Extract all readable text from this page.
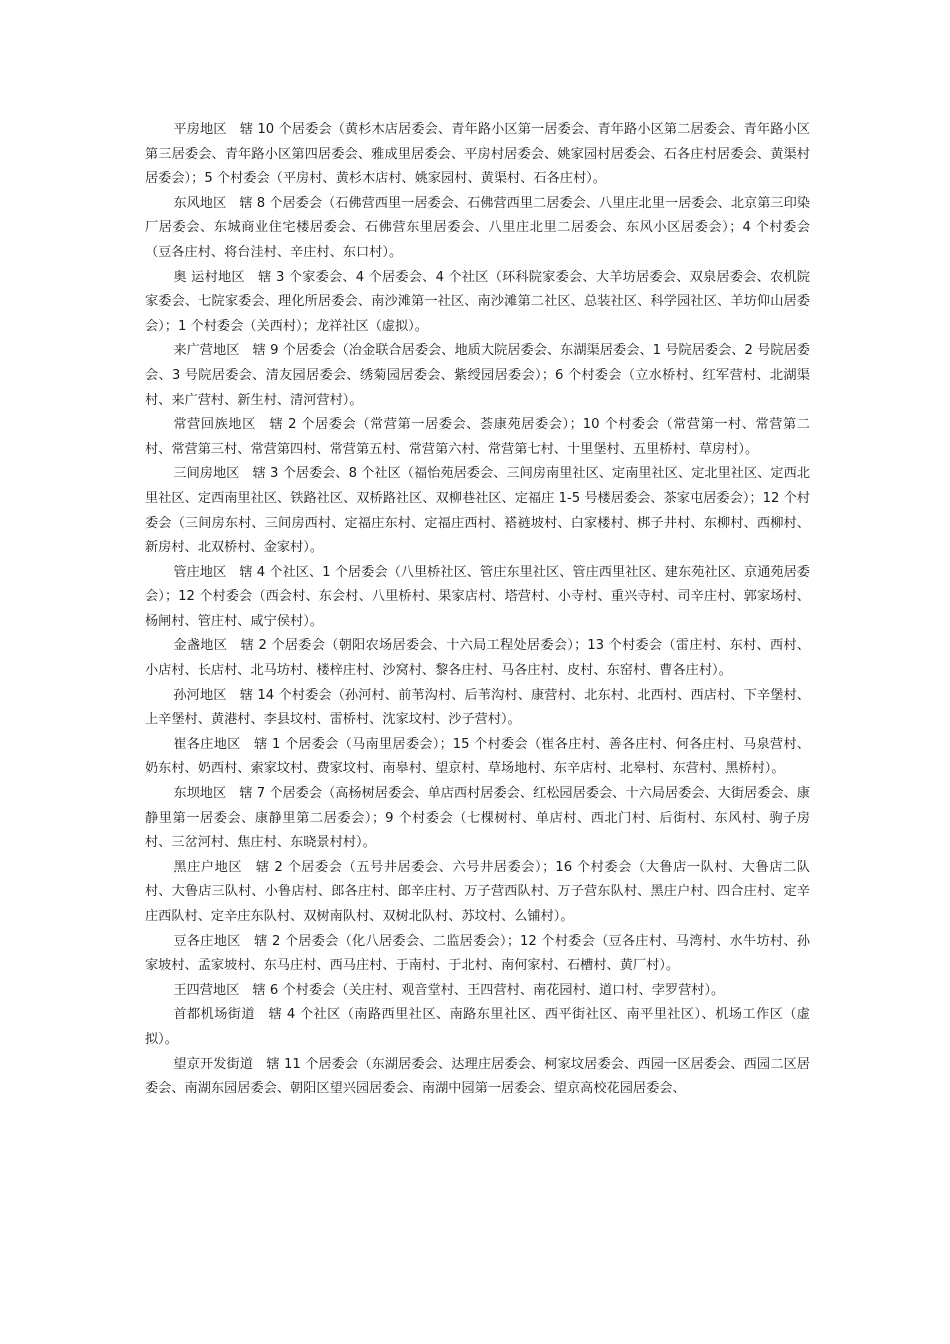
平房地区　辖 10 个居委会（黄杉木店居委会、青年路小区第一居委会、青年路小区第二居委会、青年路小区第三居委会、青年路小区第四居委会、雅成里居委会、平房村居委会、姚家园村居委会、石各庄村居委会、黄渠村居委会）；5 个村委会（平房村、黄杉木店村、姚家园村、黄渠村、石各庄村）。

东风地区　辖 8 个居委会（石佛营西里一居委会、石佛营西里二居委会、八里庄北里一居委会、北京第三印染厂居委会、东城商业住宅楼居委会、石佛营东里居委会、八里庄北里二居委会、东风小区居委会）；4 个村委会（豆各庄村、将台洼村、辛庄村、东口村）。

奥 运村地区　辖 3 个家委会、4 个居委会、4 个社区（环科院家委会、大羊坊居委会、双泉居委会、农机院家委会、七院家委会、理化所居委会、南沙滩第一社区、南沙滩第二社区、总装社区、科学园社区、羊坊仰山居委会）；1 个村委会（关西村）；龙祥社区（虚拟）。

来广营地区　辖 9 个居委会（冶金联合居委会、地质大院居委会、东湖渠居委会、1 号院居委会、2 号院居委会、3 号院居委会、清友园居委会、绣菊园居委会、紫绶园居委会）；6 个村委会（立水桥村、红军营村、北湖渠村、来广营村、新生村、清河营村）。

常营回族地区　辖 2 个居委会（常营第一居委会、荟康苑居委会）；10 个村委会（常营第一村、常营第二村、常营第三村、常营第四村、常营第五村、常营第六村、常营第七村、十里堡村、五里桥村、草房村）。

三间房地区　辖 3 个居委会、8 个社区（福怡苑居委会、三间房南里社区、定南里社区、定北里社区、定西北里社区、定西南里社区、铁路社区、双桥路社区、双柳巷社区、定福庄 1-5 号楼居委会、茶家屯居委会）；12 个村委会（三间房东村、三间房西村、定福庄东村、定福庄西村、褡裢坡村、白家楼村、梆子井村、东柳村、西柳村、新房村、北双桥村、金家村）。

管庄地区　辖 4 个社区、1 个居委会（八里桥社区、管庄东里社区、管庄西里社区、建东苑社区、京通苑居委会）；12 个村委会（西会村、东会村、八里桥村、果家店村、塔营村、小寺村、重兴寺村、司辛庄村、郭家场村、杨闸村、管庄村、咸宁侯村）。

金盏地区　辖 2 个居委会（朝阳农场居委会、十六局工程处居委会）；13 个村委会（雷庄村、东村、西村、小店村、长店村、北马坊村、楼梓庄村、沙窝村、黎各庄村、马各庄村、皮村、东窑村、曹各庄村）。

孙河地区　辖 14 个村委会（孙河村、前苇沟村、后苇沟村、康营村、北东村、北西村、西店村、下辛堡村、上辛堡村、黄港村、李县坟村、雷桥村、沈家坟村、沙子营村）。

崔各庄地区　辖 1 个居委会（马南里居委会）；15 个村委会（崔各庄村、善各庄村、何各庄村、马泉营村、奶东村、奶西村、索家坟村、费家坟村、南皋村、望京村、草场地村、东辛店村、北皋村、东营村、黑桥村）。

东坝地区　辖 7 个居委会（高杨树居委会、单店西村居委会、红松园居委会、十六局居委会、大街居委会、康静里第一居委会、康静里第二居委会）；9 个村委会（七棵树村、单店村、西北门村、后街村、东风村、驹子房村、三岔河村、焦庄村、东晓景村村）。

黑庄户地区　辖 2 个居委会（五号井居委会、六号井居委会）；16 个村委会（大鲁店一队村、大鲁店二队村、大鲁店三队村、小鲁店村、郎各庄村、郎辛庄村、万子营西队村、万子营东队村、黑庄户村、四合庄村、定辛庄西队村、定辛庄东队村、双树南队村、双树北队村、苏坟村、么铺村）。

豆各庄地区　辖 2 个居委会（化八居委会、二监居委会）；12 个村委会（豆各庄村、马湾村、水牛坊村、孙家坡村、孟家坡村、东马庄村、西马庄村、于南村、于北村、南何家村、石槽村、黄厂村）。

王四营地区　辖 6 个村委会（关庄村、观音堂村、王四营村、南花园村、道口村、孛罗营村）。

首都机场街道　辖 4 个社区（南路西里社区、南路东里社区、西平街社区、南平里社区）、机场工作区（虚拟）。

望京开发街道　辖 11 个居委会（东湖居委会、达理庄居委会、柯家坟居委会、西园一区居委会、西园二区居委会、南湖东园居委会、朝阳区望兴园居委会、南湖中园第一居委会、望京高校花园居委会、
